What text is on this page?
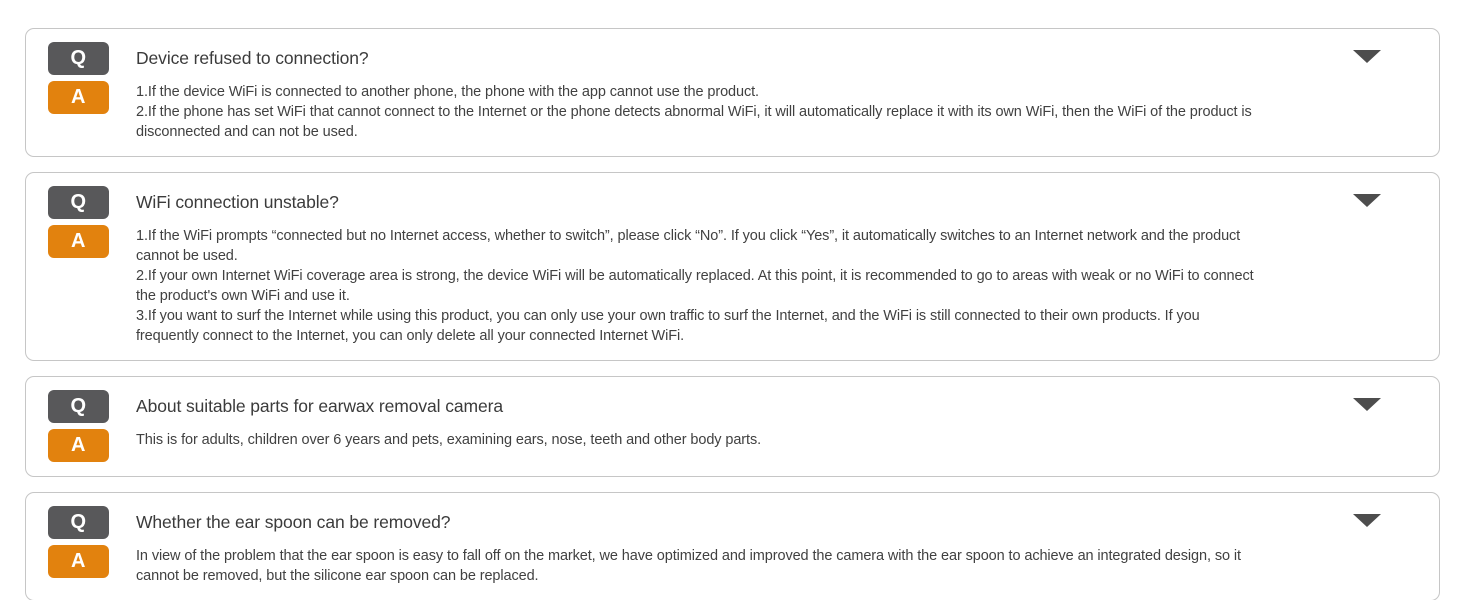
Q	Device refused to connection?
A	1.If the device WiFi is connected to another phone, the phone with the app cannot use the product.

2.If the phone has set WiFi that cannot connect to the Internet or the phone detects abnormal WiFi, it will automatically replace it with its own WiFi, then the WiFi of the product is disconnected and can not be used.

Q	WiFi connection unstable?
A	1.If the WiFi prompts “connected but no Internet access, whether to switch”, please click “No”. If you click “Yes”, it automatically switches to an Internet network and the product cannot be used.

2.If your own Internet WiFi coverage area is strong, the device WiFi will be automatically replaced. At this point, it is recommended to go to areas with weak or no WiFi to connect the product's own WiFi and use it.

3.If you want to surf the Internet while using this product, you can only use your own traffic to surf the Internet, and the WiFi is still connected to their own products. If you frequently connect to the Internet, you can only delete all your connected Internet WiFi.

Q	About suitable parts for earwax removal camera
A	This is for adults, children over 6 years and pets, examining ears, nose, teeth and other body parts.

Q	Whether the ear spoon can be removed?
A	In view of the problem that the ear spoon is easy to fall off on the market, we have optimized and improved the camera with the ear spoon to achieve an integrated design, so it cannot be removed, but the silicone ear spoon can be replaced.
